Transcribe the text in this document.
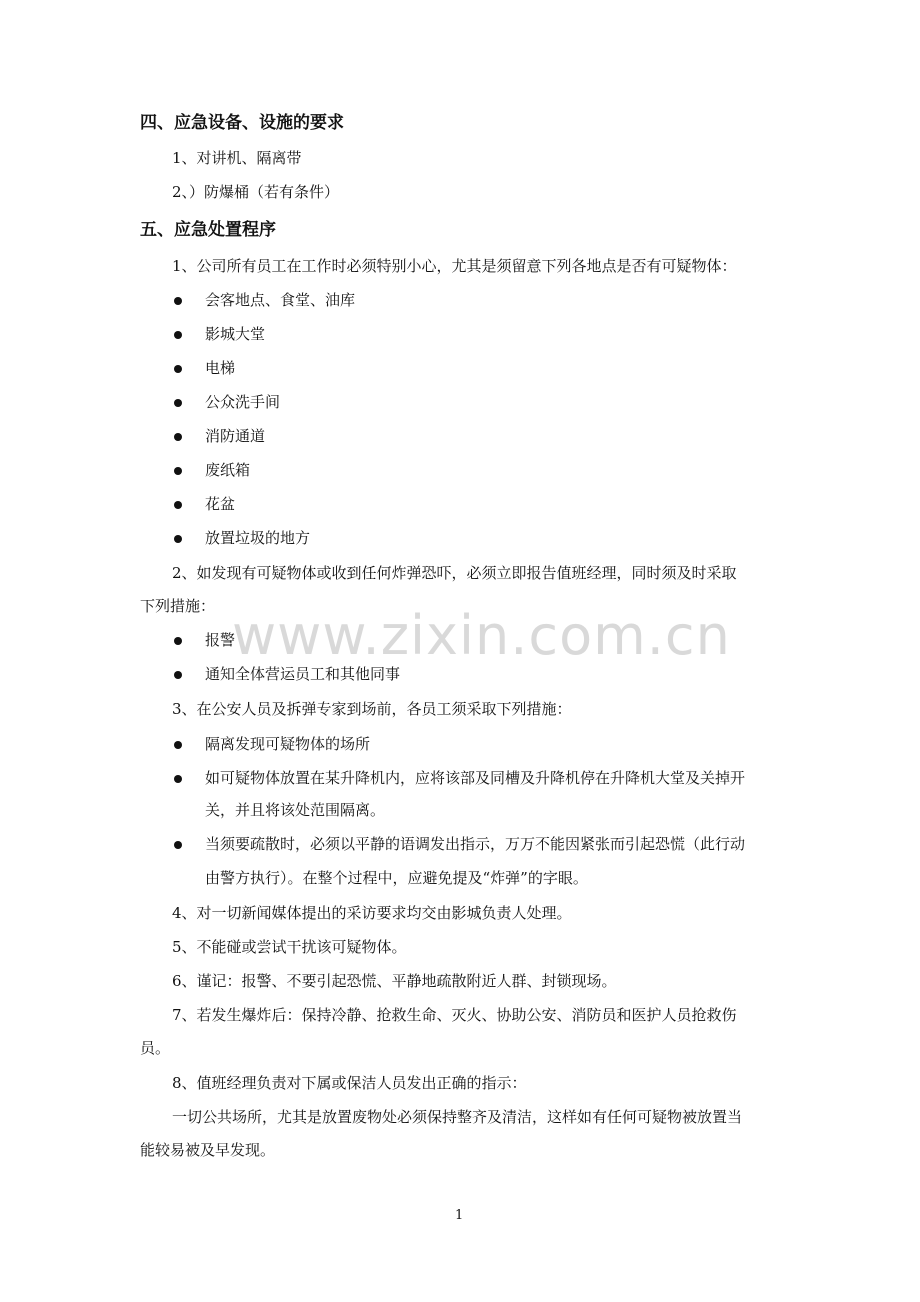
四、应急设备、设施的要求
1、对讲机、隔离带
2、）防爆桶（若有条件）
五、应急处置程序
1、公司所有员工在工作时必须特别小心，尤其是须留意下列各地点是否有可疑物体：
会客地点、食堂、油库
影城大堂
电梯
公众洗手间
消防通道
废纸箱
花盆
放置垃圾的地方
2、如发现有可疑物体或收到任何炸弹恐吓，必须立即报告值班经理，同时须及时采取
下列措施： www.zixin.com.cn
报警
通知全体营运员工和其他同事
3、在公安人员及拆弹专家到场前，各员工须采取下列措施：
隔离发现可疑物体的场所
如可疑物体放置在某升降机内，应将该部及同槽及升降机停在升降机大堂及关掉开
关，并且将该处范围隔离。
当须要疏散时，必须以平静的语调发出指示，万万不能因紧张而引起恐慌（此行动
由警方执行）。在整个过程中，应避免提及“炸弹”的字眼。
4、对一切新闻媒体提出的采访要求均交由影城负责人处理。
5、不能碰或尝试干扰该可疑物体。
6、谨记：报警、不要引起恐慌、平静地疏散附近人群、封锁现场。
7、若发生爆炸后：保持冷静、抢救生命、灭火、协助公安、消防员和医护人员抢救伤
员。
8、值班经理负责对下属或保洁人员发出正确的指示：
一切公共场所，尤其是放置废物处必须保持整齐及清洁，这样如有任何可疑物被放置当
能较易被及早发现。
1
